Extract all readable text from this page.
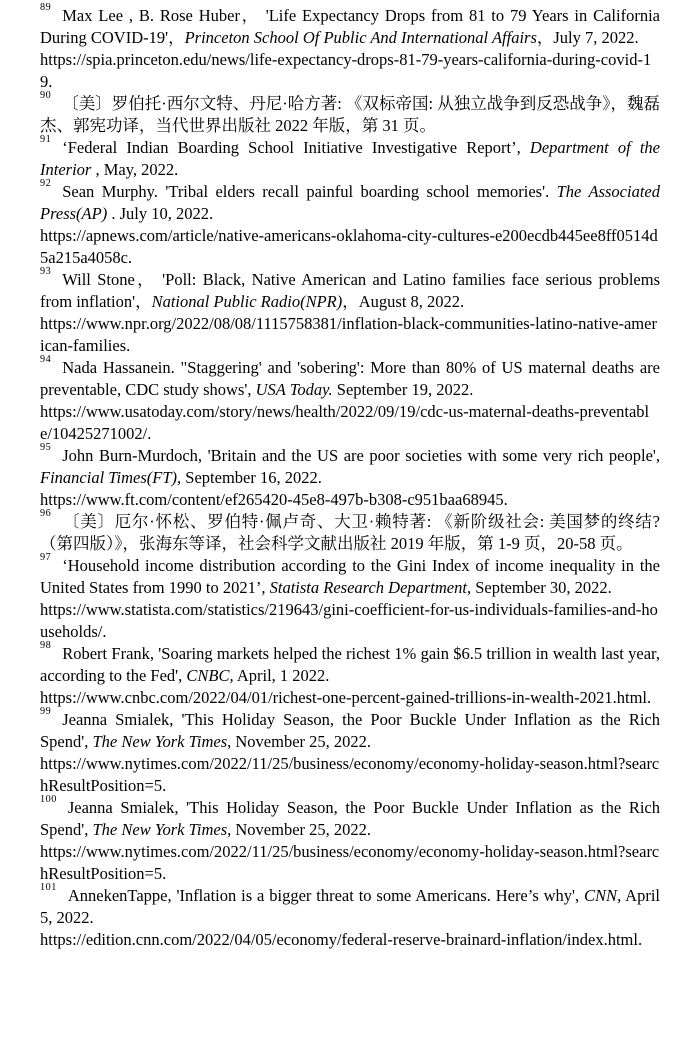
$^{89}$ Max Lee , B. Rose Huber， 'Life Expectancy Drops from 81 to 79 Years in California During COVID-19'，Princeton School Of Public And International Affairs，July 7, 2022.

https://spia.princeton.edu/news/life-expectancy-drops-81-79-years-california-during-covid-19.

$^{90}$ 〔美〕罗伯托·西尔文特、丹尼·哈方著: 《双标帝国: 从独立战争到反恐战争》，魏磊杰、郭宪功译，当代世界出版社 2022 年版，第 31 页。

$^{91}$ ‘Federal Indian Boarding School Initiative Investigative Report’, Department of the Interior , May, 2022.

$^{92}$ Sean Murphy. 'Tribal elders recall painful boarding school memories'. The Associated Press(AP) . July 10, 2022.

https://apnews.com/article/native-americans-oklahoma-city-cultures-e200ecdb445ee8ff0514d5a215a4058c.

$^{93}$ Will Stone， 'Poll: Black, Native American and Latino families face serious problems from inflation'，National Public Radio(NPR)，August 8, 2022.

https://www.npr.org/2022/08/08/1115758381/inflation-black-communities-latino-native-american-families.

$^{94}$ Nada Hassanein. "Staggering' and 'sobering': More than 80% of US maternal deaths are preventable, CDC study shows', USA Today. September 19, 2022.

https://www.usatoday.com/story/news/health/2022/09/19/cdc-us-maternal-deaths-preventable/10425271002/.

$^{95}$ John Burn-Murdoch, 'Britain and the US are poor societies with some very rich people', Financial Times(FT), September 16, 2022.

https://www.ft.com/content/ef265420-45e8-497b-b308-c951baa68945.

$^{96}$ 〔美〕厄尔·怀松、罗伯特·佩卢奇、大卫·赖特著: 《新阶级社会: 美国梦的终结? （第四版）》，张海东等译，社会科学文献出版社 2019 年版，第 1-9 页，20-58 页。

$^{97}$ ‘Household income distribution according to the Gini Index of income inequality in the United States from 1990 to 2021’, Statista Research Department, September 30, 2022.

https://www.statista.com/statistics/219643/gini-coefficient-for-us-individuals-families-and-households/.

$^{98}$ Robert Frank, 'Soaring markets helped the richest 1% gain $6.5 trillion in wealth last year, according to the Fed', CNBC, April, 1 2022.

https://www.cnbc.com/2022/04/01/richest-one-percent-gained-trillions-in-wealth-2021.html.

$^{99}$ Jeanna Smialek, 'This Holiday Season, the Poor Buckle Under Inflation as the Rich Spend', The New York Times, November 25, 2022.

https://www.nytimes.com/2022/11/25/business/economy/economy-holiday-season.html?searchResultPosition=5.

$^{100}$ Jeanna Smialek, 'This Holiday Season, the Poor Buckle Under Inflation as the Rich Spend', The New York Times, November 25, 2022.

https://www.nytimes.com/2022/11/25/business/economy/economy-holiday-season.html?searchResultPosition=5.

$^{101}$ AnnekenTappe, 'Inflation is a bigger threat to some Americans. Here’s why', CNN, April 5, 2022.

https://edition.cnn.com/2022/04/05/economy/federal-reserve-brainard-inflation/index.html.
